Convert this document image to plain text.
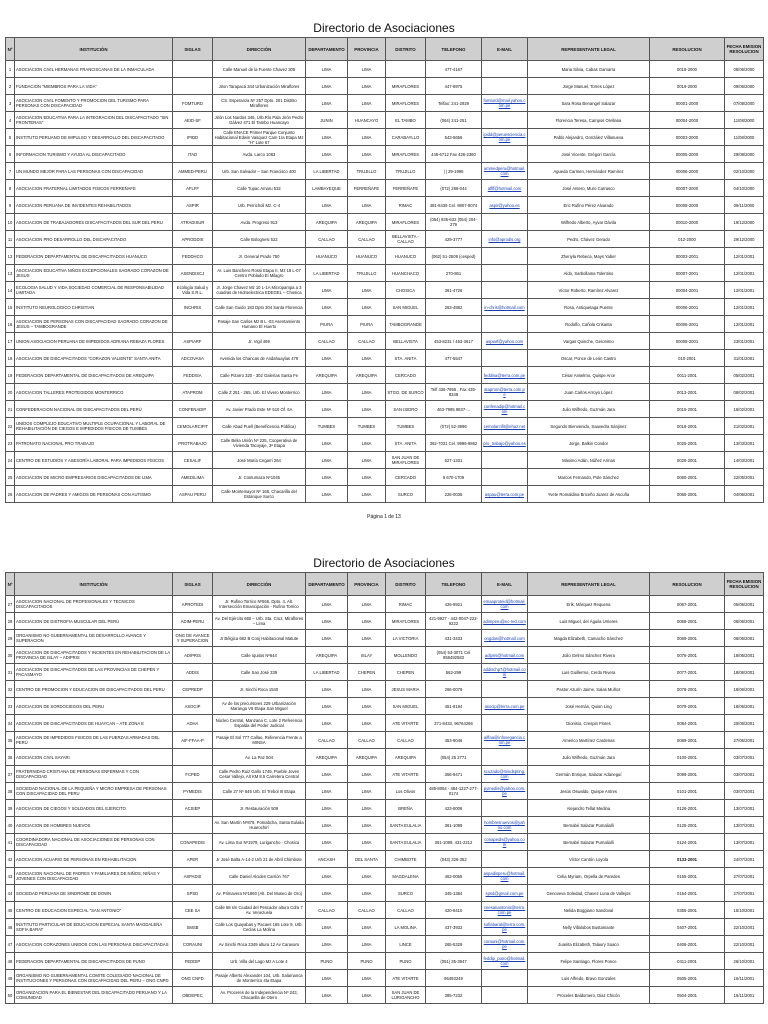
Directorio de Asociaciones
Nº	INSTITUCIÓN	SIGLAS	DIRECCIÓN	DEPARTAMENTO	PROVINCIA	DISTRITO	TELEFONO	E-MAIL	REPRESENTANTE LEGAL	RESOLUCION	FECHA EMISION RESOLUCION
1	ASOCIACION CIVIL HERMANAS FRANCISCANAS DE LA INMACULADA		Calle Manuel de la Fuente Chavez 305	LIMA	LIMA		477-4167		Maria Silvia, Cabas Gamarra	0018-2000	08/06/2000
2	FUNDACION "MIEMBROS PARA LA VIDA"		Jiron Tarapacá 344 Urbanización Miraflores	LIMA	LIMA	MIRAFLORES	447-8975		Jorge Manuel, Torres López	0019-2000	09/06/2000
3	ASOCIACION CIVIL FOMENTO Y PROMOCION DEL TURISMO PARA PERSONAS CON DISCAPACIDAD	FOMTURD	CS. Esperanza Nº 257 Dpto. 201 Distrito Miraflores	LIMA	LIMA	MIRAFLORES	Telfax: 241-2929	fomturd@mail.yahoo.com.pe	Sara Rosa Benangel Salazar	00001-2000	07/08/2000
4	ASOCIACION EDUCATIVA PARA LA INTEGRACION DEL DISCAPACITADO "SIN FRONTERAS"	AEID-SF	Jirón Los Nardos 345, Urb.Río Pala Jirón Pedro Gálvez 471 El Tambo Huancayo	JUNIN	HUANCAYO	EL TAMBO	(064) 241-251		Florencia Teresa, Campos Orellana	00004-2000	11/08/2000
5	INSTITUTO PERUANO DE IMPULSO Y DESARROLLO DEL DISCAPACITADO	IPIDD	Calle ENACE Primer Parque Conjunto Habitacional Edwin Vasquez Cam 1ra Etapa Mz "H" Lote 67	LIMA	LIMA	CARABAYLLO	543-5656	ipidd@peruesciencia.com.pe	Pablo Alejandro, González Villanueva	00003-2000	11/08/2000
6	INFORMACION TURISMO Y AYUDA AL DISCAPACITADO	ITAD	Avda. Larco 1063	LIMA	LIMA	MIRAFLORES	446-6712 Fax 426-2360		José Vicente, Grégori García	00005-2000	29/08/2000
7	UN MUNDO MEJOR PARA LAS PERSONAS CON DISCAPACIDAD	AMMED-PERU	Urb. San Salvador – San Francisco 400	LA LIBERTAD	TRUJILLO	TRUJILLO	| | 29-1995	ammedperu@hotmail.com	Agueda Carmen, Hernández Ramírez	00006-2000	02/10/2000
8	ASOCIACION FRATERNAL LIMITADOS FISICOS FERREÑAFE	AFLFF	Calle Tupac Amaru 532	LAMBAYEQUE	FERREÑAFE	FERREÑAFE	(072) 286-044	aflff@hotmail.com	José Antero, Muro Carrasco	00007-2000	04/10/2000
9	ASOCIACION PERUANA DE INVIDENTES REHABILITADOS	ASPIR	Urb. Perricholi Mz. C-4	LIMA	LIMA	RIMAC	481-8439 Cel. 9807-9074	aspir@yahoo.es	Eric Rufino Pérez Alvarado	00008-2000	09/11/2000
10	ASOCIACION DE TRABAJADORES DISCAPACITADOS DEL SUR DEL PERU	ATRADISUR	Avda. Progreso 913	AREQUIPA	AREQUIPA	MIRAFLORES	(054) 935-632 (054) 204-279		Wilfredo Alberto, Ayvar Dávila	00010-2000	19/12/2000
11	ASOCIACION PRO DESARROLLO DEL DISCAPACITADO	APRODDIS	Calle Bolognesi 522	CALLAO	CALLAO	BELLAVISTA - CALLAO	429-3777	info@aprodis.org	Pedro, Chávez Gerado	012-2000	29/12/2000
12	FEDERACION DEPARTAMENTAL DE DISCAPACITADOS HUANUCO	FEDDHCO	Jr. General Prado 750	HUANUCO	HUANUCO	HUANUCO	(062) 51-2509 (cesped)		Zhenyla Rebeca, Mays Yaber	00003-2001	12/01/2001
13	ASOCIACION EDUCATIVA NIÑOS EXCEPCIONALES SAGRADO CORAZON DE JESUS	ASENDISCJ	Ar. Luis Banchero Rossi Etapa II, Mz 18 L-07 Centro Poblado El Milagro	LA LIBERTAD	TRUJILLO	HUANCHACO	270-861		Aldo, Sarbollama Tolentino	00007-2001	12/01/2001
14	ECOLOGIA SALUD Y VIDA SOCIEDAD COMERCIAL DE RESPONSABILIDAD LIMITADA	Ecología Salud y Vida S.R.L.	Jr. Jorge Chavez Mz 10 L-1A Micropampa a 3 cuadras de Hidroelectrica EDEGEL – Chosica	LIMA	LIMA	CHOSICA	361-4726		Víctor Roberto, Ramírez Alvarez	00004-2001	12/01/2001
15	INSTITUTO NEUROLOGICO CHRISTIAN	INCHRIS	Calle San Guido 183 Dpto 304 Santa Florencia	LIMA	LIMA	SAN MIGUEL	263-4882	in-chris@hotmail.com	Rosa, Antiquetaga Puente	00006-2001	12/01/2001
16	ASOCIACION DE PERSONAS CON DISCAPACIDAD SAGRADO CORAZON DE JESUS – TAMBOGRANDE		Pasaje San Carlos Mz B L -03 Asentamiento Humano El Huerto	PIURA	PIURA	TAMBOGRANDE			Rodolfo, Cañola Crisanta	00006-2001	12/01/2001
17	UNION ASOCIACION PERUANA DE IMPEDIDOS ADRIANA REBAZA FLORES	ASPIARF	Jr. Vigil 469	CALLAO	CALLAO	BELLAVISTA	453-8231 / 453-3617	aspiarf@yahoo.com	Vargas Quinche, Geronimo	00008-2001	23/01/2001
18	ASOCIACION DE DISCAPACITADOS "CORAZON VALIENTE" SANTA ANITA	ADCOVASA	Avenida los Chancas de Andahuaylas 479	LIMA	LIMA	STA. ANITA	477-5547		Oscar, Ponce de León Castro	010-2001	31/01/2001
19	FEDERACION DEPARTAMENTAL DE DISCAPACITADOS DE AREQUIPA	FEDDISA	Calle Pizarro 320 - 302 Galerías Santa Fe	AREQUIPA	AREQUIPA	CERCADO		feddisa@terra.com.pe	César Anselmo, Quispe Arce	0011-2001	05/02/2001
20	ASOCIACION TALLERES PROTEGIDOS MONTERRICO	ATAPROM	Calle Z 251 - 265, Urb. El Vivero Monterrico	LIMA	LIMA	STGO. DE SURCO	Telf 436-7955 , Fax 435-8348	ataprom@terra.com.pe	Juan Carlos Arroyo López	0013-2001	08/02/2001
21	CONFEDERACION NACIONAL DE DISCAPACITADOS DEL PERÚ	CONFENADIP	Av. Javier Prado Este Nº 510 Of. 6A	LIMA	LIMA	SAN ISIDRO	463-7995 9837-...	confenadip@hotmail.com	Julio Wilfredo, Guzmán Jara	0015-2001	16/02/2001
22	UNIDOS COMPLEJO EDUCATIVO MULTIPLE OCUPACIONAL Y LABORAL DE REHABILITACIÓN DE CIEGOS E IMPEDIDOS FÍSICOS DE TUMBES	CEMOLARCIFIT	Calle Abad Puell (Beneficencia Pública)	TUMBES	TUMBES	TUMBES	(072) 52-3996	cemolarcifit@ehaz.net	Segundo Bienvenido, Saavedra Sánjinez	0018-2001	21/02/2001
23	PATRONATO NACIONAL PRO TRABAJO	PROTRABAJO	Calle Belia Unión Nº 225, Cooperativa de Vivienda Tacuyaje, 3ª Etapa	LIMA	LIMA	STA. ANITA	362-7031 Cel. 9996-9862	pro_trabajo@yahoo.es	Jorge, Balkin Condor	0025-2001	13/03/2001
24	CENTRO DE ESTUDIOS Y ASESORÍA LABORAL PARA IMPEDIDOS FÍSICOS	CESALIF	José María Cegarri 264	LIMA	LIMA	SAN JUAN DE MIRAFLORES	527-1331		Máximo Adán, Núñez Armas	0026-2001	14/03/2001
25	ASOCIACION DE MICRO EMPRESARIOS DISCAPACITADOS DE LIMA	AMEDILIMA	Jr. Contumaza Nº1045	LIMA	LIMA	CERCADO	9 670-1709		Marcos Fernando, Pole Sánchez	0060-2001	22/05/2001
26	ASOCIACION DE PADRES Y AMIGOS DE PERSONAS CON AUTISMO	ASPAU PERU	Calle Montemayor Nº 166, Chacarilla del Estanque Surco	LIMA	LIMA	SURCO	226-0035	aspau@terra.com.pe	Yvete Romaldina Briceño Juarez de Ascuña	0065-2001	04/06/2001
Página 1 de 13
Directorio de Asociaciones
Nº	INSTITUCIÓN	SIGLAS	DIRECCIÓN	DEPARTAMENTO	PROVINCIA	DISTRITO	TELEFONO	E-MAIL	REPRESENTANTE LEGAL	RESOLUCION	FECHA EMISION RESOLUCION
27	ASOCIACION NACIONAL DE PROFESIONALES Y TECNICOS DISCAPACITADOS	APROTEDI	Jr. Rufino Torrico Nº566, Dpto. 4, Alt. Intersección Emancipación - Rufino Torrico	LIMA	LIMA	RIMAC	426-9921	emaaproteid@hotmail.com	Erik, Márquez Requena	0067-2001	05/06/2001
28	ASOCIACION DE DISTROFIA MUSCULAR DEL PERÚ	ADIM-PERU	Av. Del Ejército 660 – Urb. Sta. Cruz, Miraflores – Lima	LIMA	LIMA	MIRAFLORES	421-9927 - 442-0047-222-9222	adimperu@ec-red.com	Luis Miguel, del Águila Urrieres	0068-2001	06/06/2001
29	ORGANISMO NO GUBERNAMENTAL DE DESARROLLO AVANCE Y SUPERACION	ONG DE AVANCE Y SUPERACION	Jr Bélgica 682 B Conj Habitacional Matute	LIMA	LIMA	LA VICTORIA	431-3433	ongdas@hotmail.com	Magda Elizabeth, Camacho Sánchez	0069-2001	06/06/2001
30	ASOCIACION DE DISCAPACITADOS Y INCIENTES EN REHABILITACION DE LA PROVINCIA DE ISLAY – ADIPRIS	ADIPRIS	Calle Iquitos Nº644	AREQUIPA	ISLAY	MOLLENDO	(054) 53-3071 Cel 958492583	adipris@hotmail.com	Julio Gelmo Sánchez Rivera	0076-2001	18/06/2001
31	ASOCIACION DE DISCAPACITADOS DE LAS PROVINCIAS DE CHEPEN Y PACASMAYO	ADDIS	Calle San José 339	LA LIBERTAD	CHEPEN	CHEPEN	562-299	addischp7@hotmail.com	Luis Guillermo, Cerdo Rivera	0077-2001	18/06/2001
32	CENTRO DE PROMOCION Y EDUCACION DE DISCAPACITADOS DEL PERU	CEPREDP	Jr. Sinchi Roca 1540	LIMA	LIMA	JESUS MARIA	266-0079		Pastor Azurín Jaime, Salas Muñoz	0078-2001	18/06/2001
33	ASOCIACION DE SORDOCIEGOS DEL PERU	ASOCIP	Av de los precursores 229 Urbanización Maranga V6 Etapa San Miguel	LIMA	LIMA	SAN MIGUEL	451-8194	asocip@terra.com.pe	José Hernán, Quion Ling	0079-2001	18/06/2001
34	ASOCIACION DE DISCAPACITADOS DE HUAYCAN – ATE ZONA E	ADHA	Núcleo Central, Manzana C, Lote 2 Referencia Espalda del Poder Judicial	LIMA	LIMA	ATE VITARTE	371-8433, 96764266		Dionisio, Crespin Flores	0084-2001	20/06/2001
35	ASOCIACION DE IMPEDIDOS FISICOS DE LAS FUERZAS ARMADAS DEL PERÚ	AIF-FFAA-P	Pasaje El Sol 777 Callao, Referencia Frente a MINSA	CALLAO	CALLAO	CALLAO	453-9046	aiffaa@infovegancia.com.pe	Americo Martínez Cardenas	0089-2001	27/06/2001
36	ASOCIACION CIVIL SAYARI		Av. La Paz 504	AREQUIPA	AREQUIPA	AREQUIPA	(054) 25 2771		Julio Wilfredo, Guzmán Jara	0100-2001	03/07/2001
37	FRATERNIDAD CRISTIANA DE PERSONAS ENFERMAS Y CON DISCAPACIDAD	FCPED	Calle Pedro Ruiz Gallo 1749, Pueble Joven Cesar Vallejo, Alt KM 8.5 Carretera Central	LIMA	LIMA	ATE VITARTE	356-9471	scuzado@mindspring.com	Germán Enrique, Salazar Adaneguí	0099-2001	03/07/2001
38	SOCIEDAD NACIONAL DE LA PEQUEÑA Y MICRO EMPRESA DE PERSONAS CON DISCAPACIDAD DEL PERU	PYMEDIS	Calle 27 Nº 846 Urb. El Trebol III Etapa	LIMA	LIMA	Los Olivos	485-8054 - 484-1227-277-0174	pymedis@yahoo.com.pe	Jesús Oswaldo, Quispe Antres	0101-2001	03/07/2001
39	ASOCIACION DE CIEGOS Y SOLDADOS DEL EJERCITO	ACSIEP	Jr. Restauración 509	LIMA	LIMA	BREÑA	423-8008		Alejandro Tellat Medina	0126-2001	13/07/2001
40	ASOCIACION DE HOMBRES NUEVOS		Av. San Martín Nº876, Pomabcha, Santa Eulalia Huarochirí	LIMA	LIMA	SANTA EULALIA	361-1099	hombresnuevos@yahoo.com	Bernabé Salazar Pumalialli	0125-2001	13/07/2001
41	COORDINADORA NACIONAL DE ASOCIACIONES DE PERSONAS CON DISCAPACIDAD	CONAPEDIS	Av. Lima Sur Nº1979, Lurigancho - Chosica	LIMA	LIMA	SANTA EULALIA	361-1099, 431-2212	conapedis@yahoo.com	Bernabé Salazar Pumalialli	0124-2001	13/07/2001
42	ASOCIACION ACUARIO DE PERSONAS EN REHABILITACION	APER	Jr José Balta A-14-2 Urb 21 de Abril Chimbote	ANCASH	DEL SANTA	CHIMBOTE	(043) 326-352		Víctor Cantón Loyola	0133-2001	24/07/2001
43	ASOCIACION NACIONAL DE PADRES Y FAMILIARES DE NIÑOS, NIÑAS Y JOVENES CON DISCAPACIDAD	ASPADIS	Calle Daniel Alcides Carrión 767	LIMA	LIMA	MAGDALENA	463-0055	aspadisperu@hotmail.com	Celia Myriam, Orpella de Paredes	0155-2001	27/07/2001
44	SOCIEDAD PERUANA DE SINDROME DE DOWN	SPSD	Av. Primavera Nº1860 (Alt. Del Museo de Oro)	LIMA	LIMA	SURCO	345-1384	spsd@gmail.com.pe	Genoveva Soledad, Chavez Luna de Vallejos	0154-2001	27/07/2001
45	CENTRO DE EDUCACION ESPECIAL "SAN ANTONIO"	CEE SA	Calle 58 s/n Ciudad del Pescador altura Cdra 7 Av. Venezuela	CALLAO	CALLAO	CALLAO	420-8410	ceesanantonio@terra.com.pe	Nelida Boggiano Sandoval	0355-2001	15/10/2001
46	INSTITUTO PARTICULAR DE EDUCACION ESPECIAL SANTA MAGDALENA SOFIA BARAT	SMSB	Calle Los Quayabas y Pacaes 165 Lote 9, Urb. Ceclas La Molina	LIMA	LIMA	LA MOLINA	437-3932	sofiabarat@terra.com.pe	Nelly Villalobos Bustamante	0407-2001	22/10/2001
47	ASOCIACION CORAZONES UNIDOS CON LAS PERSONAS DISCAPACITADAS	CORAUNI	Av Sinchi Roca 2349 altura 12 Av Caravaro	LIMA	LIMA	LINCE	265-5329	corauni@hotmail.com.pe	Juanita Elizabeth, Talaury Suaco	0406-2001	22/10/2001
48	FEDERACION DEPARTAMENTAL DE DISCAPACITADOS DE PUNO	FEDDIP	Urb. Villa del Lago Mz A Lote 4	PUNO	PUNO	PUNO	(051) 35-3947	feddip_puno@hotmail.com	Felipe Santiago, Flores Ponce	0411-2001	26/10/2001
49	ORGANISMO NO GUBERNAMENTAL COMITE COLEGIADO NACIONAL DE INSTITUCIONES Y PERSONAS CON DISCAPACIDAD DEL PERU – ONG CNPD	ONG CNFD	Pasaje Alberto Alexander 104, Urb. Salamanca de Monterrico 4ta Etapa	LIMA	LIMA	ATE VITARTE	96493249		Luis Alfredo, Bravo Gonzales	0505-2001	16/11/2001
50	ORGANIZACION PARA EL BIENESTAR DEL DISCAPACITADO PERUANO Y LA COMUNIDAD	OBDEPEC	Av. Proceres de la Independencia Nº 243, Chacarilla de Otero	LIMA	LIMA	SAN JUAN DE LURIGANCHO	385-7232		Proceles Baldomero, Diaz Chicón	0504-2001	16/11/2001
